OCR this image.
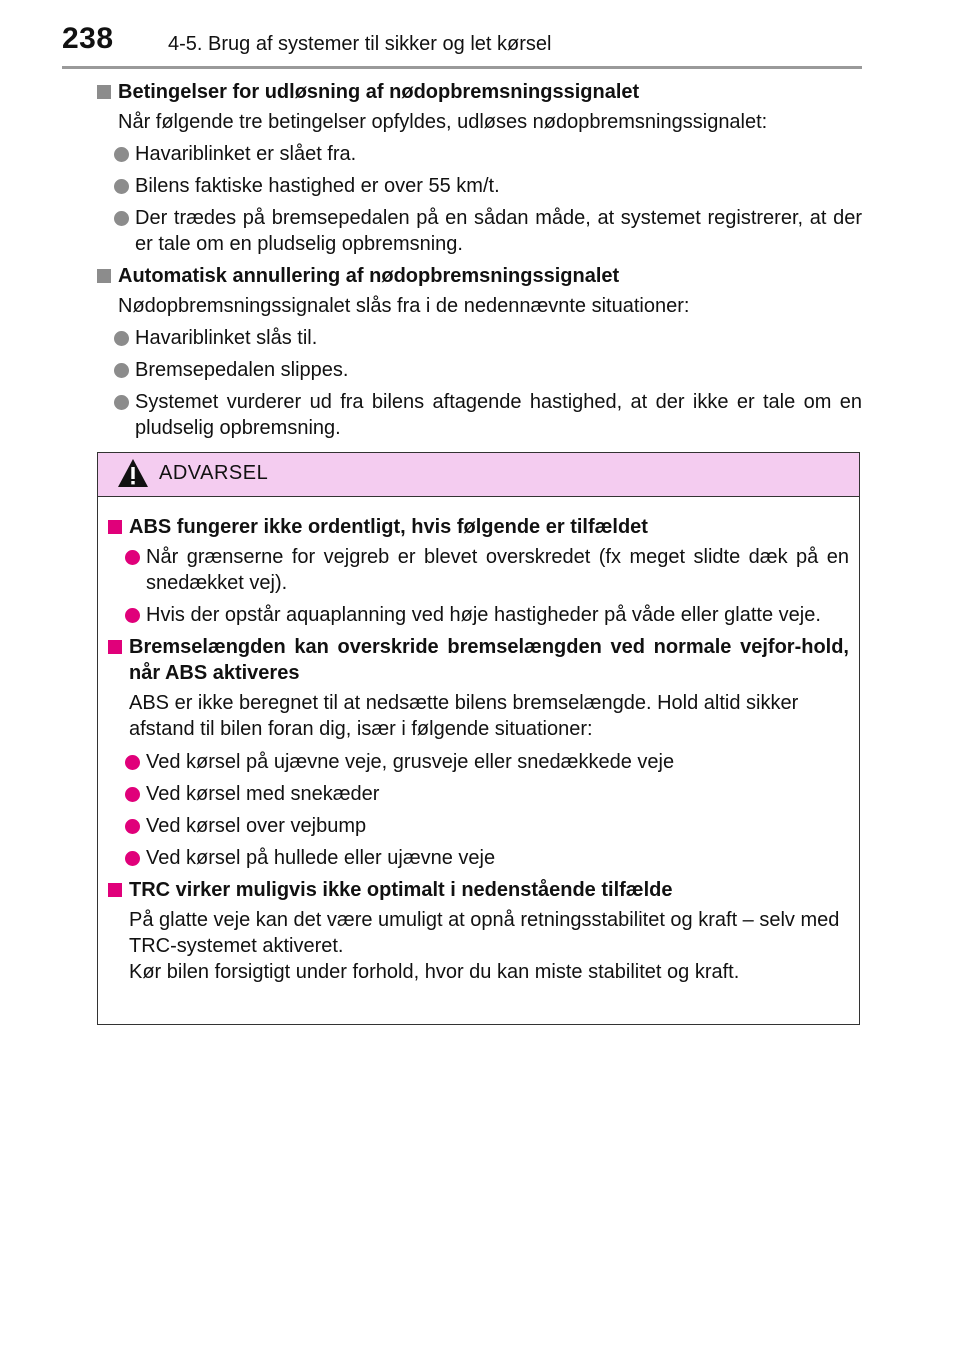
238	4-5. Brug af systemer til sikker og let kørsel
Betingelser for udløsning af nødopbremsningssignalet
Når følgende tre betingelser opfyldes, udløses nødopbremsningssignalet:
Havariblinket er slået fra.
Bilens faktiske hastighed er over 55 km/t.
Der trædes på bremsepedalen på en sådan måde, at systemet registrerer, at der er tale om en pludselig opbremsning.
Automatisk annullering af nødopbremsningssignalet
Nødopbremsningssignalet slås fra i de nedennævnte situationer:
Havariblinket slås til.
Bremsepedalen slippes.
Systemet vurderer ud fra bilens aftagende hastighed, at der ikke er tale om en pludselig opbremsning.
ADVARSEL
ABS fungerer ikke ordentligt, hvis følgende er tilfældet
Når grænserne for vejgreb er blevet overskredet (fx meget slidte dæk på en snedækket vej).
Hvis der opstår aquaplanning ved høje hastigheder på våde eller glatte veje.
Bremselængden kan overskride bremselængden ved normale vejfor-hold, når ABS aktiveres
ABS er ikke beregnet til at nedsætte bilens bremselængde. Hold altid sikker afstand til bilen foran dig, især i følgende situationer:
Ved kørsel på ujævne veje, grusveje eller snedækkede veje
Ved kørsel med snekæder
Ved kørsel over vejbump
Ved kørsel på hullede eller ujævne veje
TRC virker muligvis ikke optimalt i nedenstående tilfælde
På glatte veje kan det være umuligt at opnå retningsstabilitet og kraft – selv med TRC-systemet aktiveret.
Kør bilen forsigtigt under forhold, hvor du kan miste stabilitet og kraft.
